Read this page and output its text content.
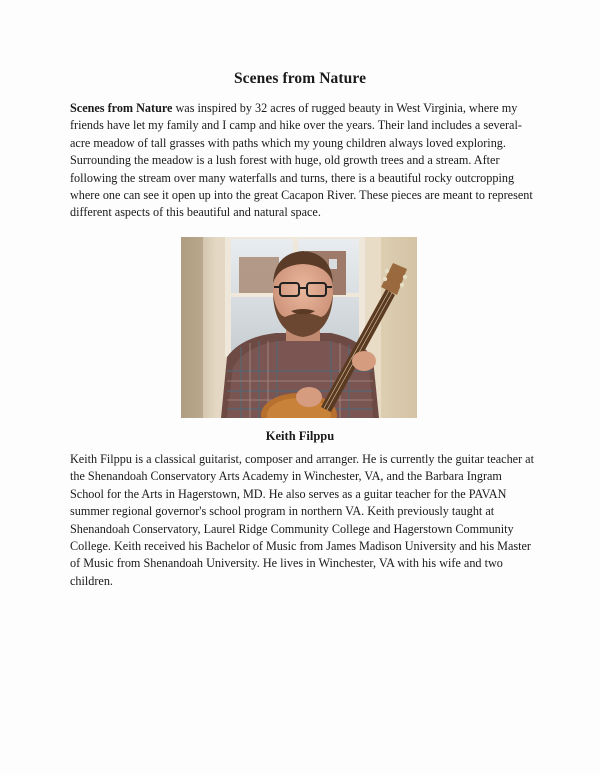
Scenes from Nature

Scenes from Nature was inspired by 32 acres of rugged beauty in West Virginia, where my friends have let my family and I camp and hike over the years. Their land includes a several-acre meadow of tall grasses with paths which my young children always loved exploring. Surrounding the meadow is a lush forest with huge, old growth trees and a stream. After following the stream over many waterfalls and turns, there is a beautiful rocky outcropping where one can see it open up into the great Cacapon River. These pieces are meant to represent different aspects of this beautiful and natural space.

Keith Filppu

Keith Filppu is a classical guitarist, composer and arranger. He is currently the guitar teacher at the Shenandoah Conservatory Arts Academy in Winchester, VA, and the Barbara Ingram School for the Arts in Hagerstown, MD. He also serves as a guitar teacher for the PAVAN summer regional governor's school program in northern VA. Keith previously taught at Shenandoah Conservatory, Laurel Ridge Community College and Hagerstown Community College. Keith received his Bachelor of Music from James Madison University and his Master of Music from Shenandoah University. He lives in Winchester, VA with his wife and two children.
